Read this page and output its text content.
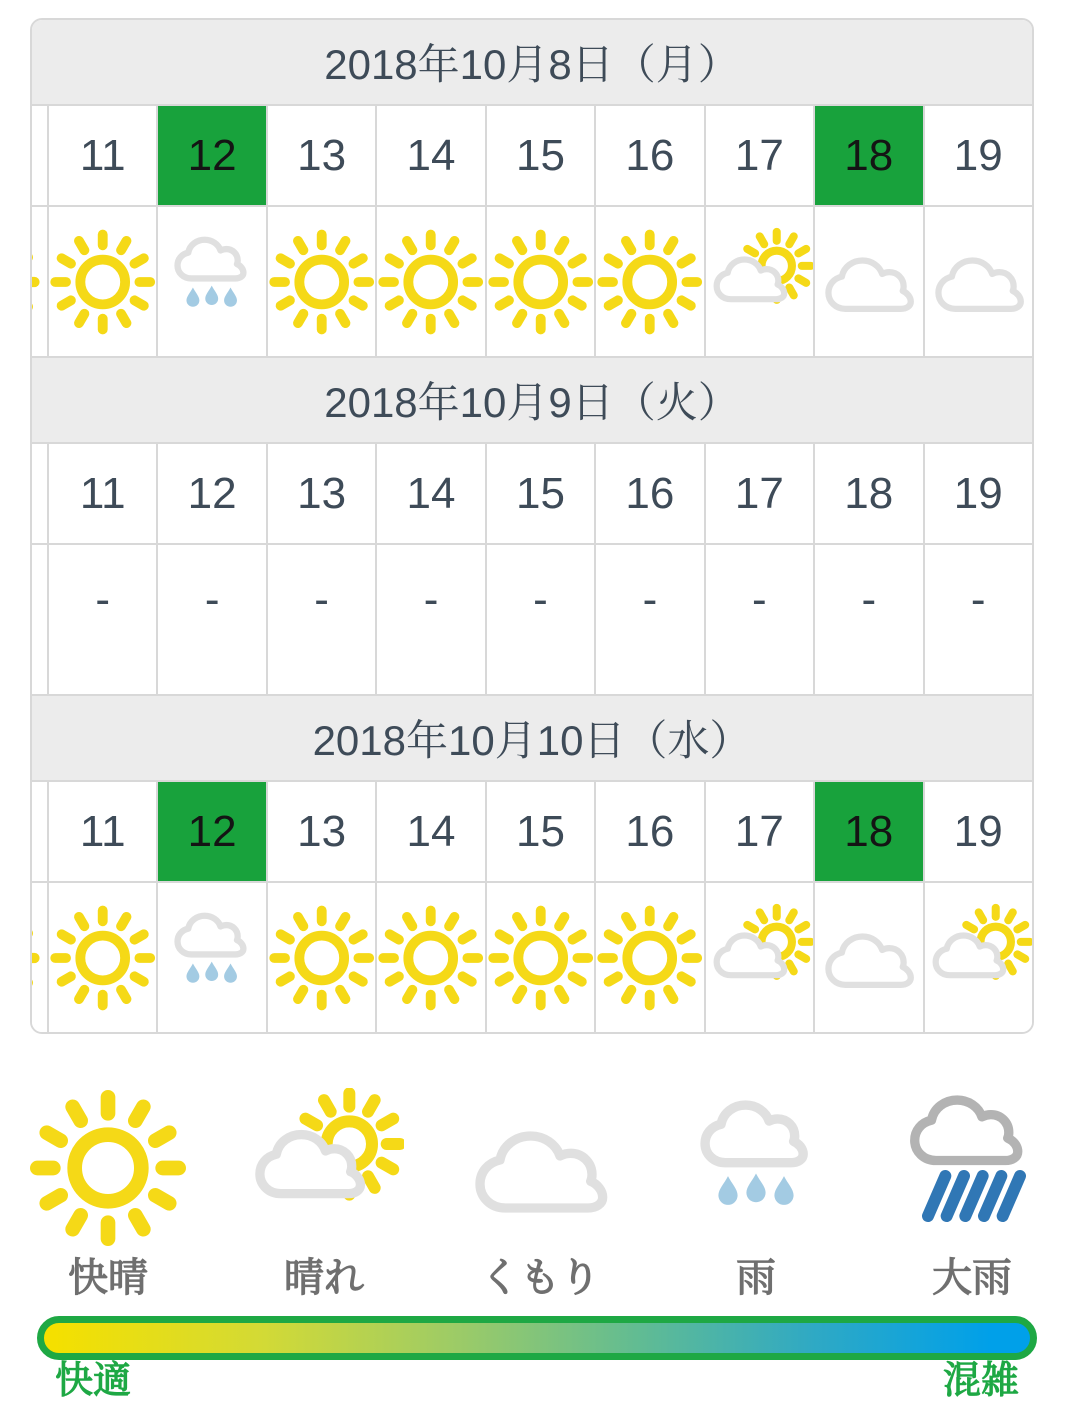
2018年10月8日（月）
11	12	13	14	15	16	17	18	19
2018年10月9日（火）
11	12	13	14	15	16	17	18	19
-	-	-	-	-	-	-	-	-
2018年10月10日（水）
11	12	13	14	15	16	17	18	19
快晴	晴れ	くもり	雨	大雨
快適	混雑
